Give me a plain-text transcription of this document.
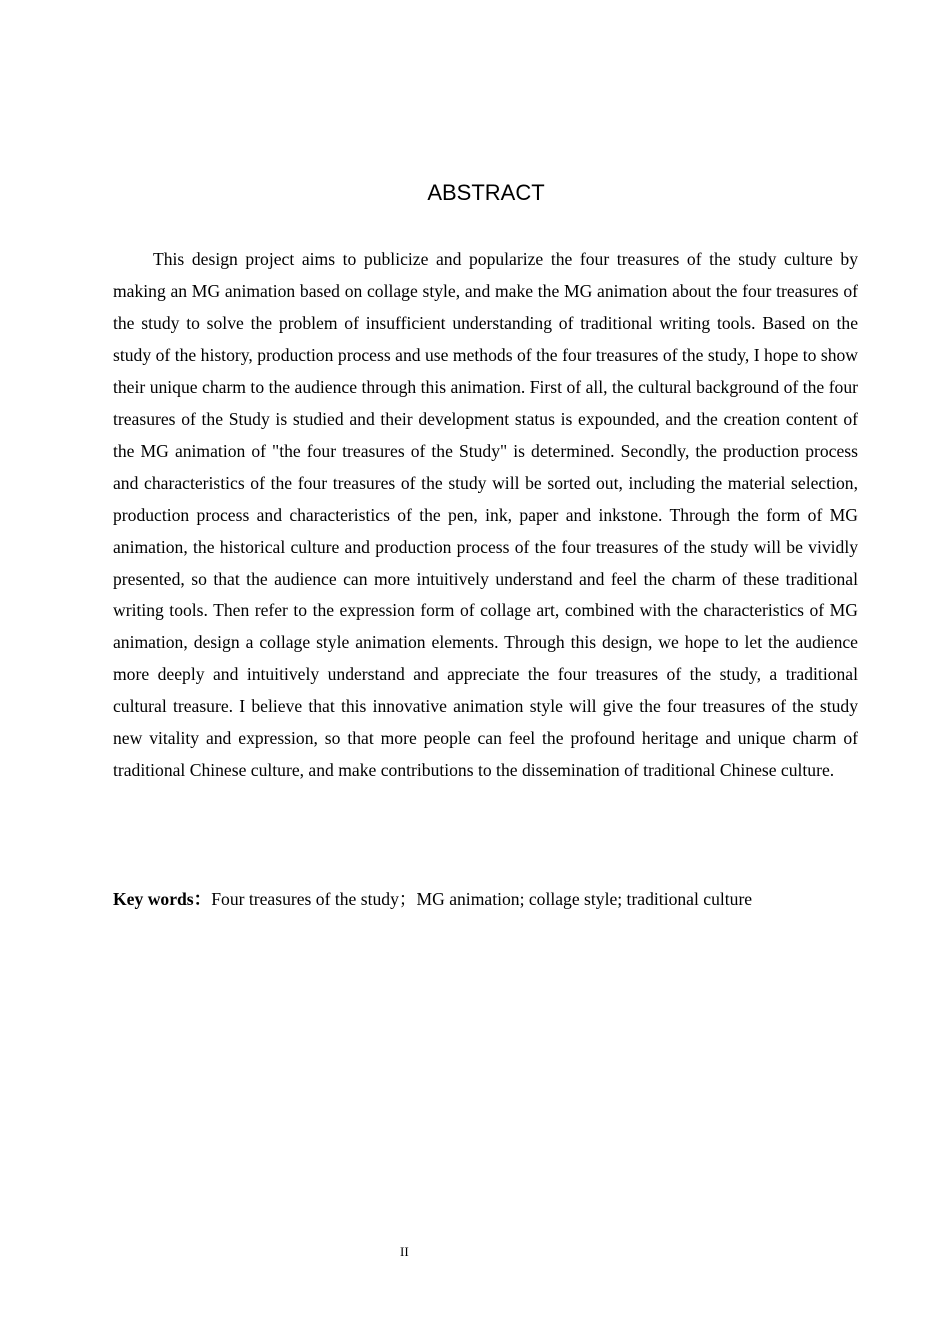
ABSTRACT

This design project aims to publicize and popularize the four treasures of the study culture by making an MG animation based on collage style, and make the MG animation about the four treasures of the study to solve the problem of insufficient understanding of traditional writing tools. Based on the study of the history, production process and use methods of the four treasures of the study, I hope to show their unique charm to the audience through this animation. First of all, the cultural background of the four treasures of the Study is studied and their development status is expounded, and the creation content of the MG animation of "the four treasures of the Study" is determined. Secondly, the production process and characteristics of the four treasures of the study will be sorted out, including the material selection, production process and characteristics of the pen, ink, paper and inkstone. Through the form of MG animation, the historical culture and production process of the four treasures of the study will be vividly presented, so that the audience can more intuitively understand and feel the charm of these traditional writing tools. Then refer to the expression form of collage art, combined with the characteristics of MG animation, design a collage style animation elements. Through this design, we hope to let the audience more deeply and intuitively understand and appreciate the four treasures of the study, a traditional cultural treasure. I believe that this innovative animation style will give the four treasures of the study new vitality and expression, so that more people can feel the profound heritage and unique charm of traditional Chinese culture, and make contributions to the dissemination of traditional Chinese culture.

Key words：Four treasures of the study；MG animation; collage style; traditional culture
II
